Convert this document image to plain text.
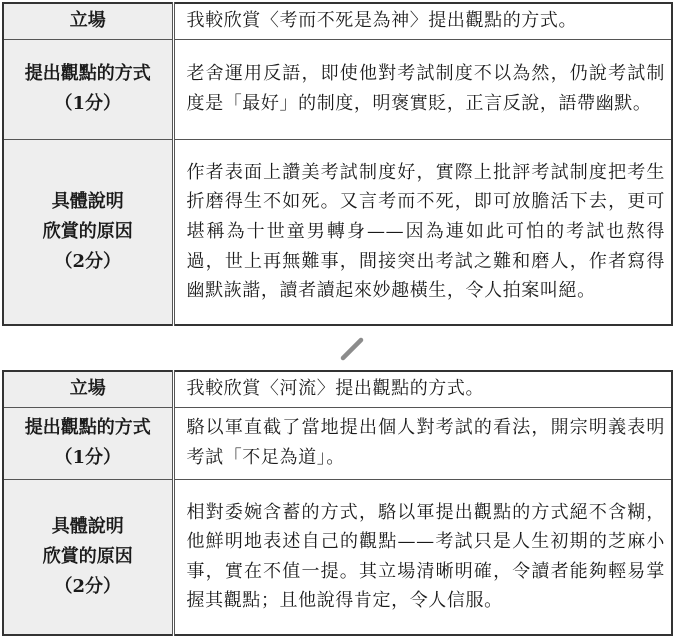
立場	我較欣賞〈考而不死是為神〉提出觀點的方式。

提出觀點的方式
（1分）	老舍運用反語，即使他對考試制度不以為然，仍說考試制度是「最好」的制度，明褒實貶，正言反說，語帶幽默。

具體說明
欣賞的原因
（2分）	作者表面上讚美考試制度好，實際上批評考試制度把考生折磨得生不如死。又言考而不死，即可放膽活下去，更可堪稱為十世童男轉身——因為連如此可怕的考試也熬得過，世上再無難事，間接突出考試之難和磨人，作者寫得幽默詼諧，讀者讀起來妙趣橫生，令人拍案叫絕。
立場	我較欣賞〈河流〉提出觀點的方式。

提出觀點的方式
（1分）	駱以軍直截了當地提出個人對考試的看法，開宗明義表明考試「不足為道」。

具體說明
欣賞的原因
（2分）	相對委婉含蓄的方式，駱以軍提出觀點的方式絕不含糊，他鮮明地表述自己的觀點——考試只是人生初期的芝麻小事，實在不值一提。其立場清晰明確，令讀者能夠輕易掌握其觀點；且他說得肯定，令人信服。
